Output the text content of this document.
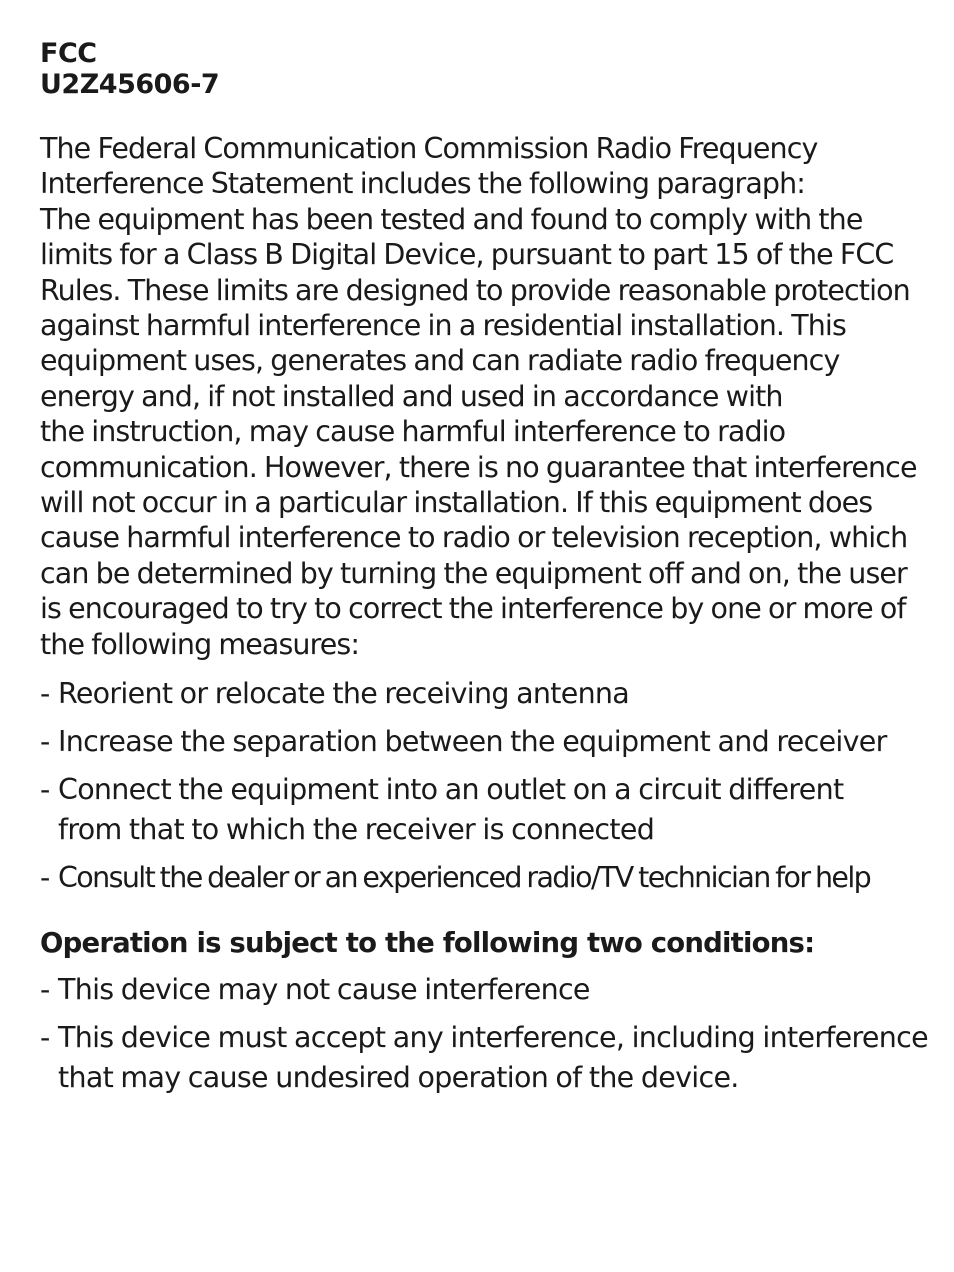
FCC
U2Z45606-7
The Federal Communication Commission Radio Frequency
Interference Statement includes the following paragraph:
The equipment has been tested and found to comply with the
limits for a Class B Digital Device, pursuant to part 15 of the FCC
Rules. These limits are designed to provide reasonable protection
against harmful interference in a residential installation. This
equipment uses, generates and can radiate radio frequency
energy and, if not installed and used in accordance with
the instruction, may cause harmful interference to radio
communication. However, there is no guarantee that interference
will not occur in a particular installation. If this equipment does
cause harmful interference to radio or television reception, which
can be determined by turning the equipment off and on, the user
is encouraged to try to correct the interference by one or more of
the following measures:
- Reorient or relocate the receiving antenna
- Increase the separation between the equipment and receiver
- Connect the equipment into an outlet on a circuit different
from that to which the receiver is connected
- Consult the dealer or an experienced radio/TV technician for help
Operation is subject to the following two conditions:
- This device may not cause interference
- This device must accept any interference, including interference
that may cause undesired operation of the device.
